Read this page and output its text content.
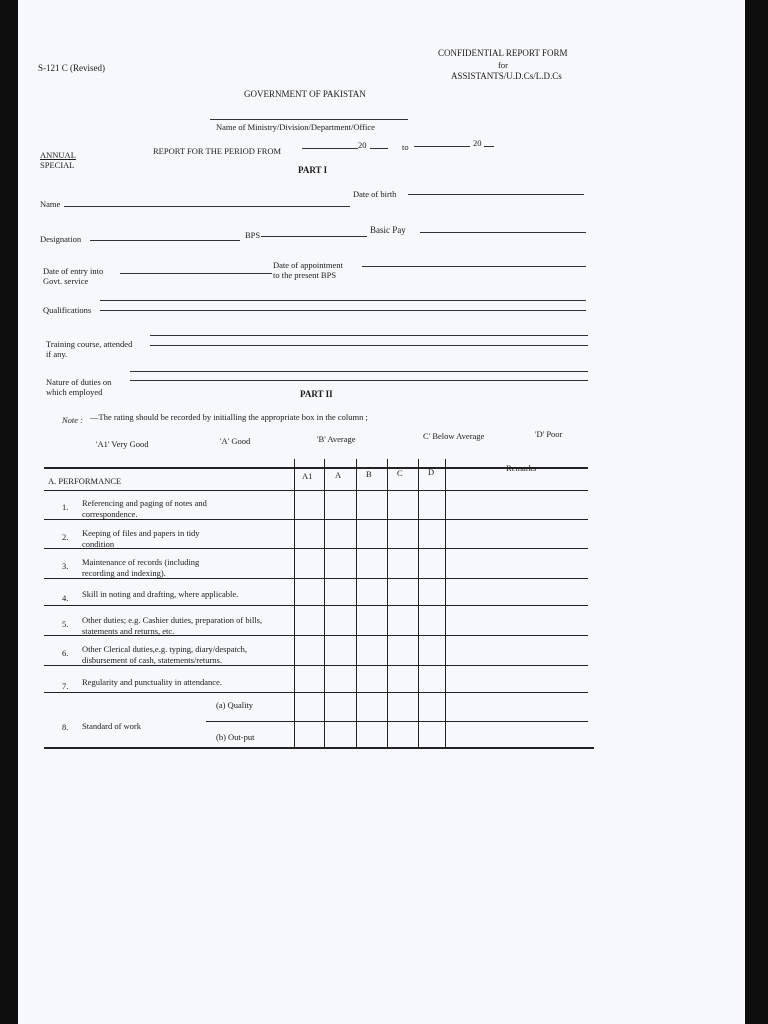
S-121 C (Revised)
CONFIDENTIAL REPORT FORM
for
ASSISTANTS/U.D.Cs/L.D.Cs
GOVERNMENT OF PAKISTAN
Name of Ministry/Division/Department/Office
ANNUAL
SPECIAL
REPORT FOR THE PERIOD FROM
20	to	20
PART I
Name
Date of birth
Designation	BPS	Basic Pay
Date of entry into
Govt. service
Date of appointment
to the present BPS
Qualifications
Training course, attended
if any.
Nature of duties on
which employed	PART II
Note : —The rating should be recorded by initialling the appropriate box in the column ;
'A1' Very Good	'A' Good	'B' Average	C' Below Average	'D' Poor
A. PERFORMANCE	A1	A	B	C	D	Remarks
1. Referencing and paging of notes and
correspondence.
2. Keeping of files and papers in tidy
condition
3. Maintenance of records (including
recording and indexing).
4. Skill in noting and drafting, where applicable.
5. Other duties; e.g. Cashier duties, preparation of bills,
statements and returns, etc.
6. Other Clerical duties,e.g. typing, diary/despatch,
disbursement of cash, statements/returns.
7. Regularity and punctuality in attendance.
8. Standard of work
(a) Quality
(b) Out-put
